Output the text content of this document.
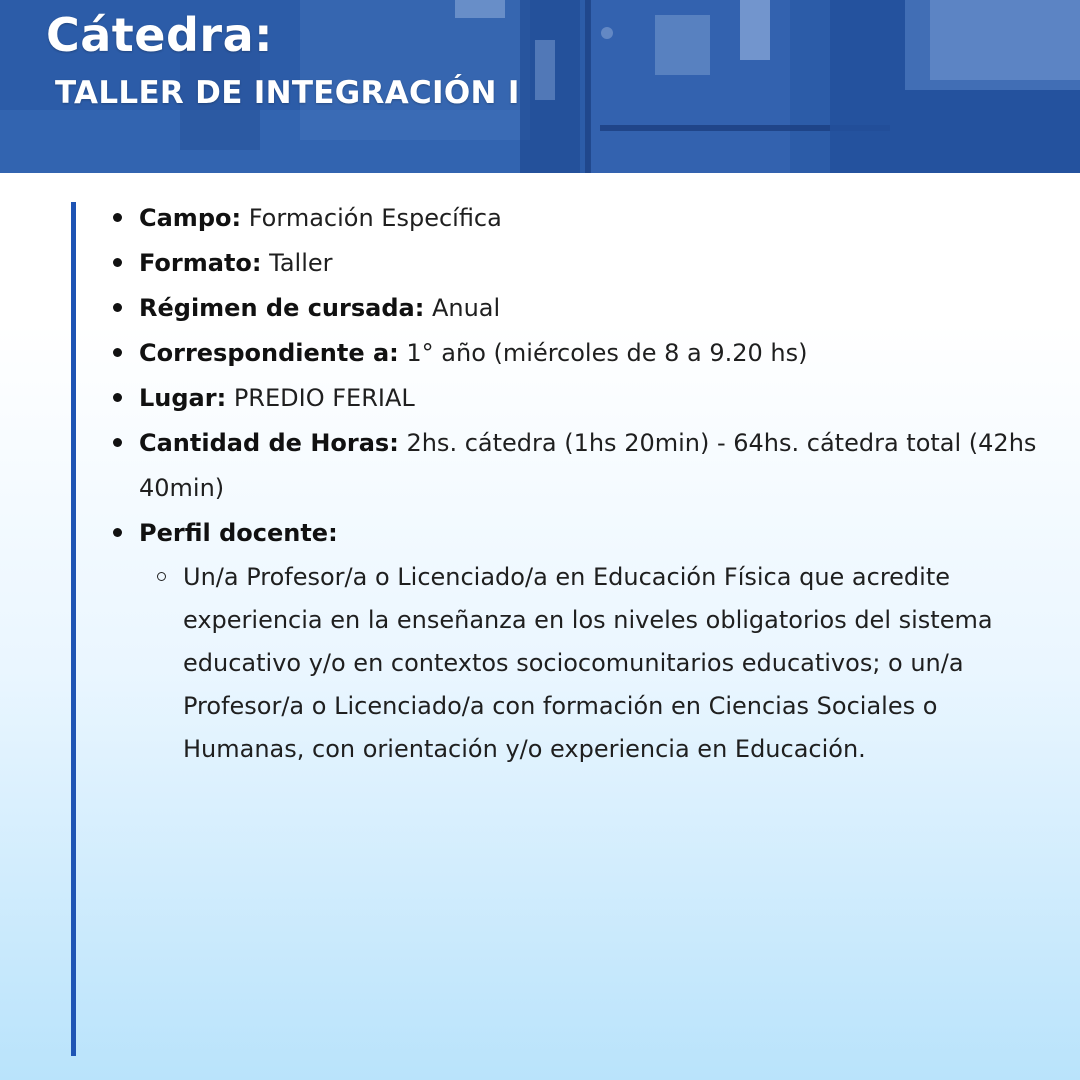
Cátedra:
TALLER DE INTEGRACIÓN I
Campo: Formación Específica
Formato: Taller
Régimen de cursada: Anual
Correspondiente a: 1° año (miércoles de 8 a 9.20 hs)
Lugar: PREDIO FERIAL
Cantidad de Horas: 2hs. cátedra (1hs 20min) - 64hs. cátedra total (42hs 40min)
Perfil docente:
Un/a Profesor/a o Licenciado/a en Educación Física que acredite experiencia en la enseñanza en los niveles obligatorios del sistema educativo y/o en contextos sociocomunitarios educativos; o un/a Profesor/a o Licenciado/a con formación en Ciencias Sociales o Humanas, con orientación y/o experiencia en Educación.
